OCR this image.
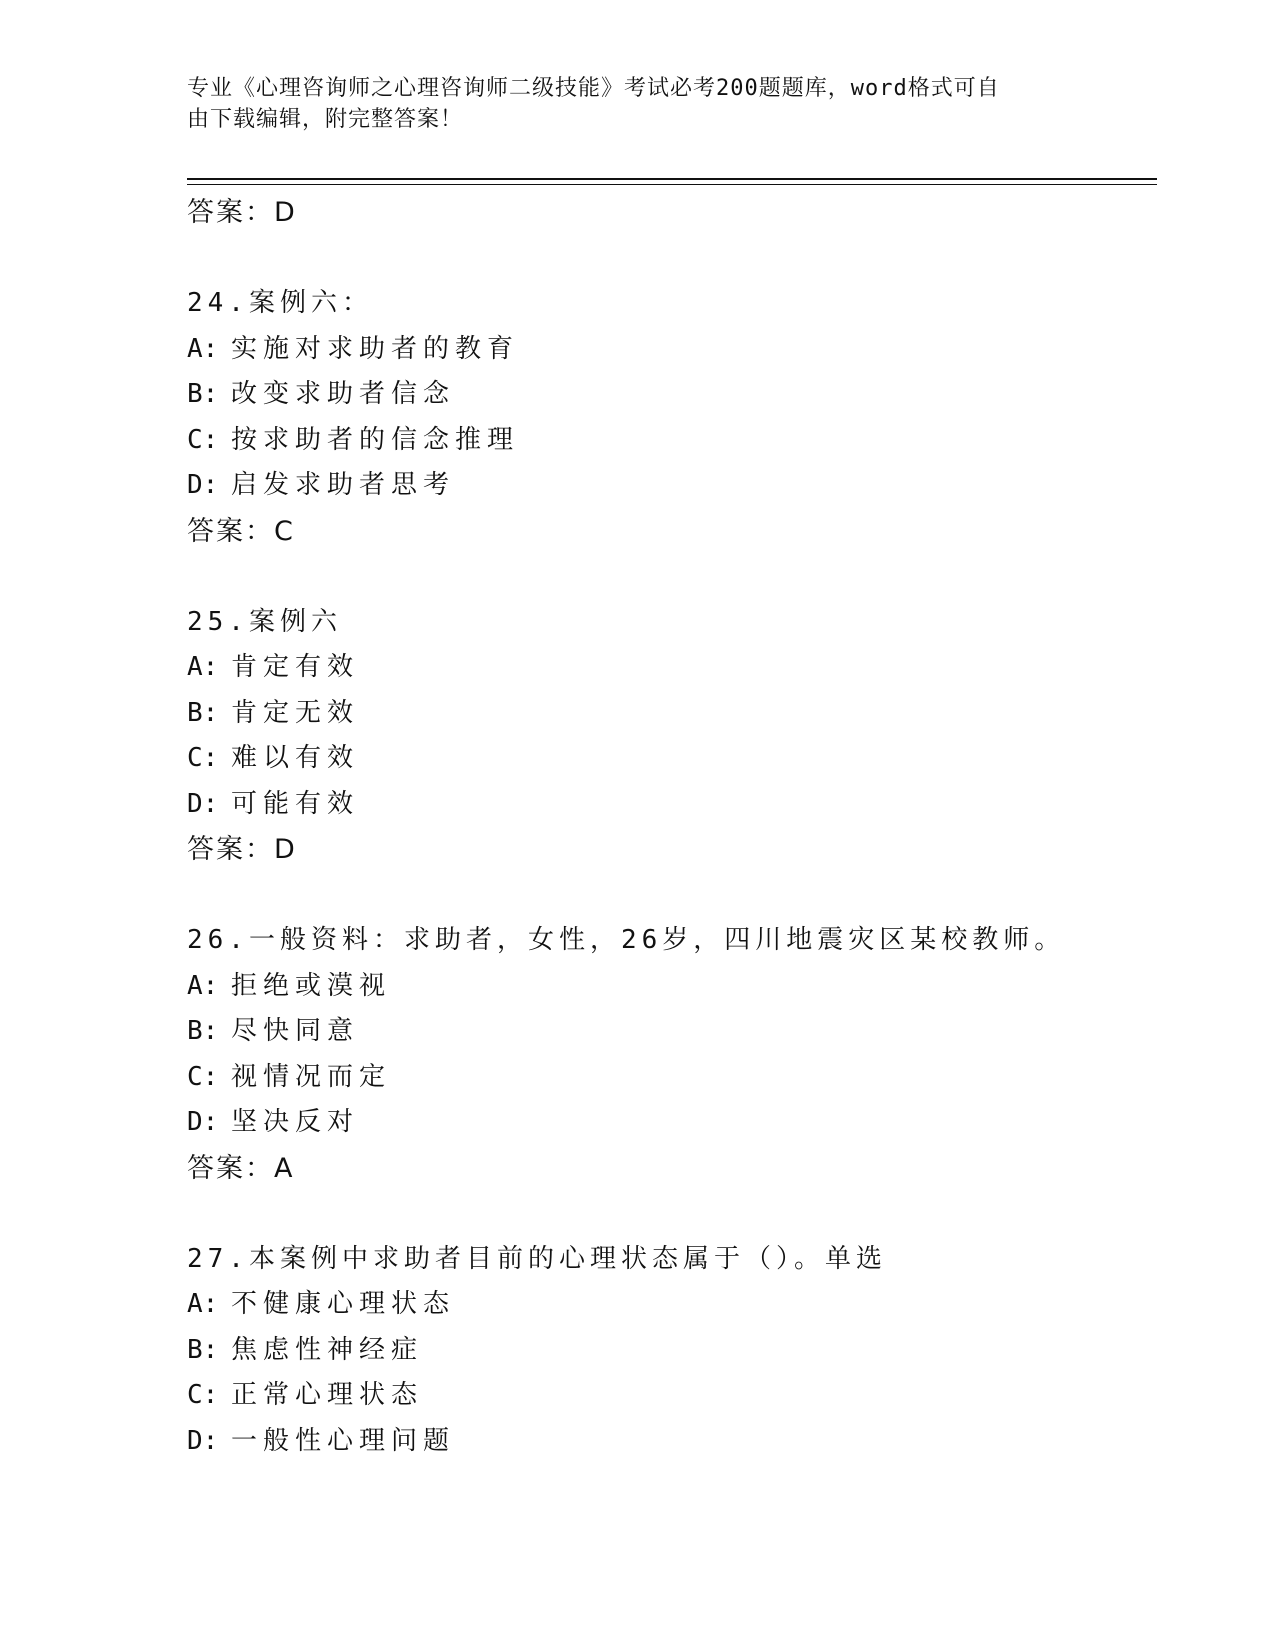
专业《心理咨询师之心理咨询师二级技能》考试必考200题题库，word格式可自
由下载编辑，附完整答案！
答案：D
24.案例六：
A: 实施对求助者的教育
B: 改变求助者信念
C: 按求助者的信念推理
D: 启发求助者思考
答案：C
25.案例六
A: 肯定有效
B: 肯定无效
C: 难以有效
D: 可能有效
答案：D
26.一般资料：求助者，女性，26岁，四川地震灾区某校教师。
A: 拒绝或漠视
B: 尽快同意
C: 视情况而定
D: 坚决反对
答案：A
27.本案例中求助者目前的心理状态属于（）。单选
A: 不健康心理状态
B: 焦虑性神经症
C: 正常心理状态
D: 一般性心理问题
